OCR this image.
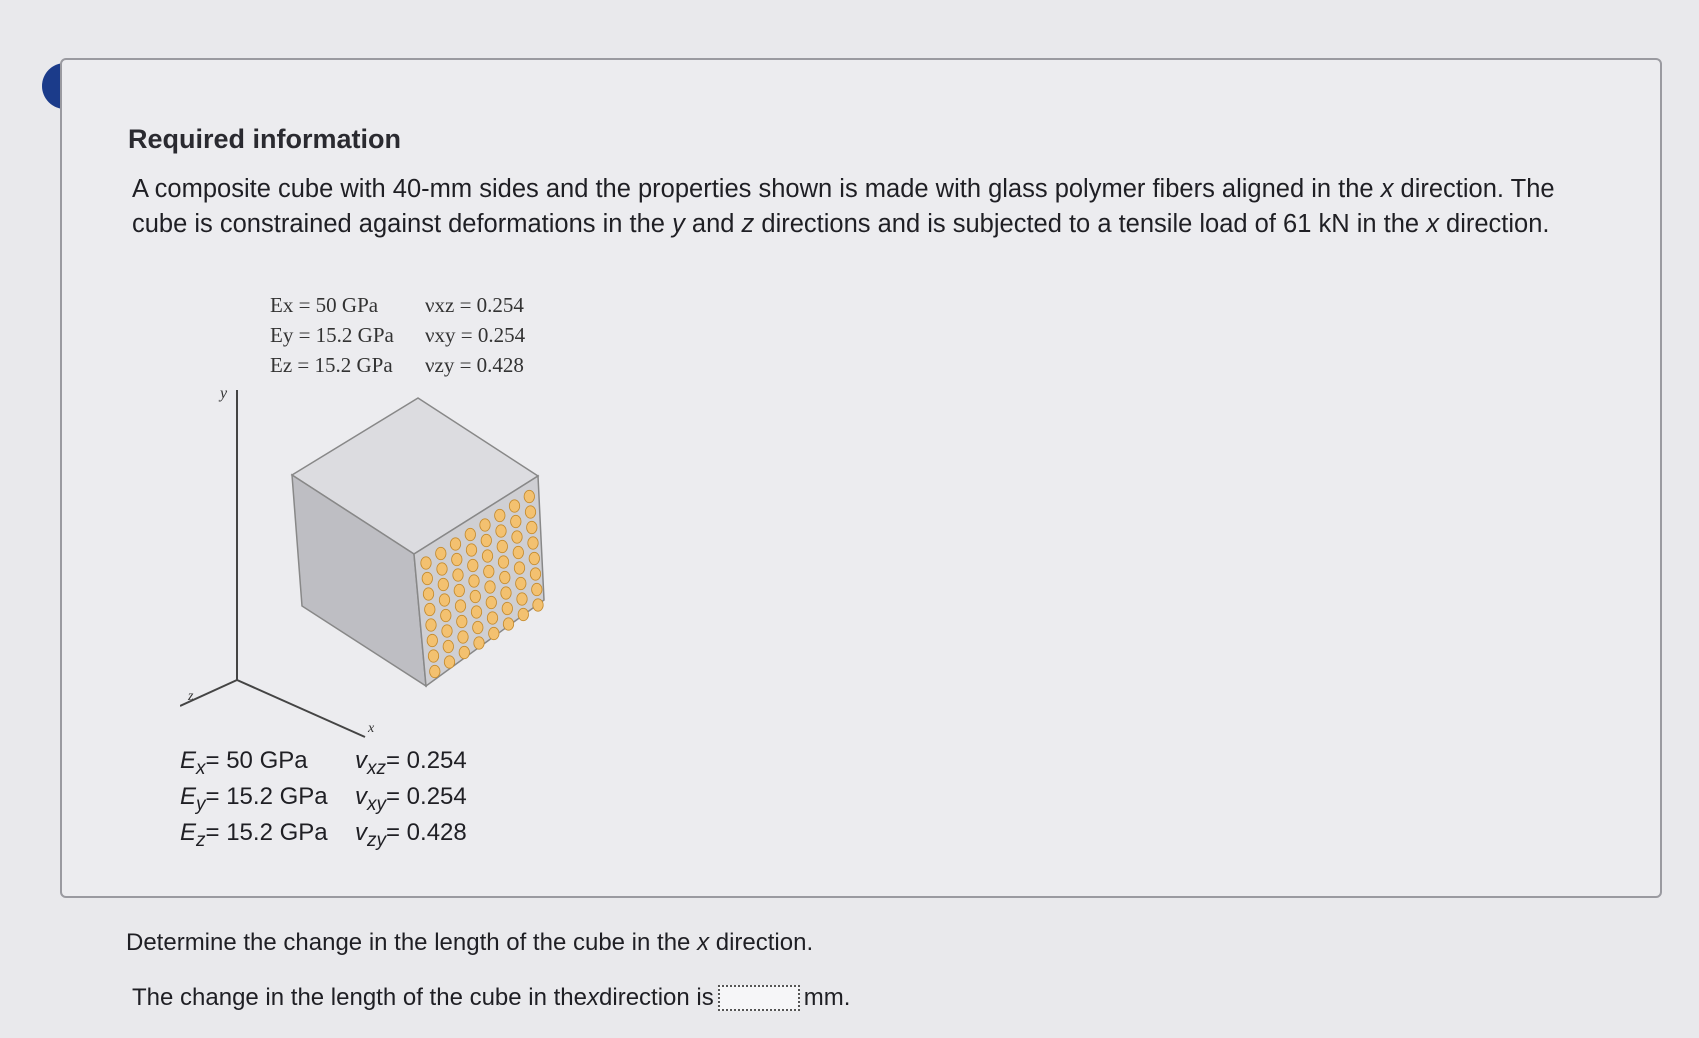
Required information
A composite cube with 40-mm sides and the properties shown is made with glass polymer fibers aligned in the x direction. The cube is constrained against deformations in the y and z directions and is subjected to a tensile load of 61 kN in the x direction.
Ex = 50 GPa	νxz = 0.254
Ey = 15.2 GPa	νxy = 0.254
Ez = 15.2 GPa	νzy = 0.428
y
z
x
$E_x= 50$ GPa	$v_{xz}= 0.254$
$E_y= 15.2$ GPa	$v_{xy}= 0.254$
$E_z= 15.2$ GPa	$v_{zy}= 0.428$
Determine the change in the length of the cube in the x direction.
The change in the length of the cube in the x direction is	mm.
